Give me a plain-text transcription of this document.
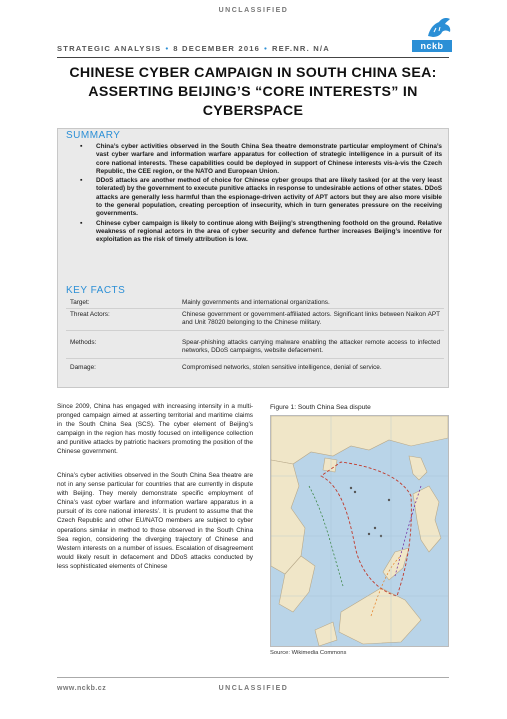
UNCLASSIFIED
nckb
STRATEGIC ANALYSIS • 8 DECEMBER 2016 • REF.NR. N/A
CHINESE CYBER CAMPAIGN IN SOUTH CHINA SEA:
ASSERTING BEIJING’S “CORE INTERESTS” IN CYBERSPACE
SUMMARY
▪ China’s cyber activities observed in the South China Sea theatre demonstrate particular employment of China’s vast cyber warfare and information warfare apparatus for collection of strategic intelligence in a pursuit of its core national interests. These capabilities could be deployed in support of Chinese interests vis-à-vis the Czech Republic, the CEE region, or the NATO and European Union.
▪ DDoS attacks are another method of choice for Chinese cyber groups that are likely tasked (or at the very least tolerated) by the government to execute punitive attacks in response to undesirable actions of other states. DDoS attacks are generally less harmful than the espionage-driven activity of APT actors but they are also more visible to the general population, creating perception of insecurity, which in turn generates pressure on the receiving governments.
▪ Chinese cyber campaign is likely to continue along with Beijing’s strengthening foothold on the ground. Relative weakness of regional actors in the area of cyber security and defence further increases Beijing’s incentive for exploitation as the risk of timely attribution is low.
KEY FACTS
Target:	Mainly governments and international organizations.
Threat Actors:	Chinese government or government-affiliated actors. Significant links between Naikon APT and Unit 78020 belonging to the Chinese military.
Methods:	Spear-phishing attacks carrying malware enabling the attacker remote access to infected networks, DDoS campaigns, website defacement.
Damage:	Compromised networks, stolen sensitive intelligence, denial of service.

Since 2009, China has engaged with increasing intensity in a multi-pronged campaign aimed at asserting territorial and maritime claims in the South China Sea (SCS). The cyber element of Beijing’s campaign in the region has mostly focused on intelligence collection and punitive attacks by patriotic hackers promoting the position of the Chinese government.

China’s cyber activities observed in the South China Sea theatre are not in any sense particular for countries that are currently in dispute with Beijing. They merely demonstrate specific employment of China’s vast cyber warfare and information warfare apparatus in a pursuit of its core national interests’. It is prudent to assume that the Czech Republic and other EU/NATO members are subject to cyber operations similar in method to those observed in the South China Sea region, considering the diverging trajectory of Chinese and Western interests on a number of issues. Escalation of disagreement would likely result in defacement and DDoS attacks conducted by less sophisticated elements of Chinese

Figure 1: South China Sea dispute
Source: Wikimedia Commons
www.nckb.cz	UNCLASSIFIED
